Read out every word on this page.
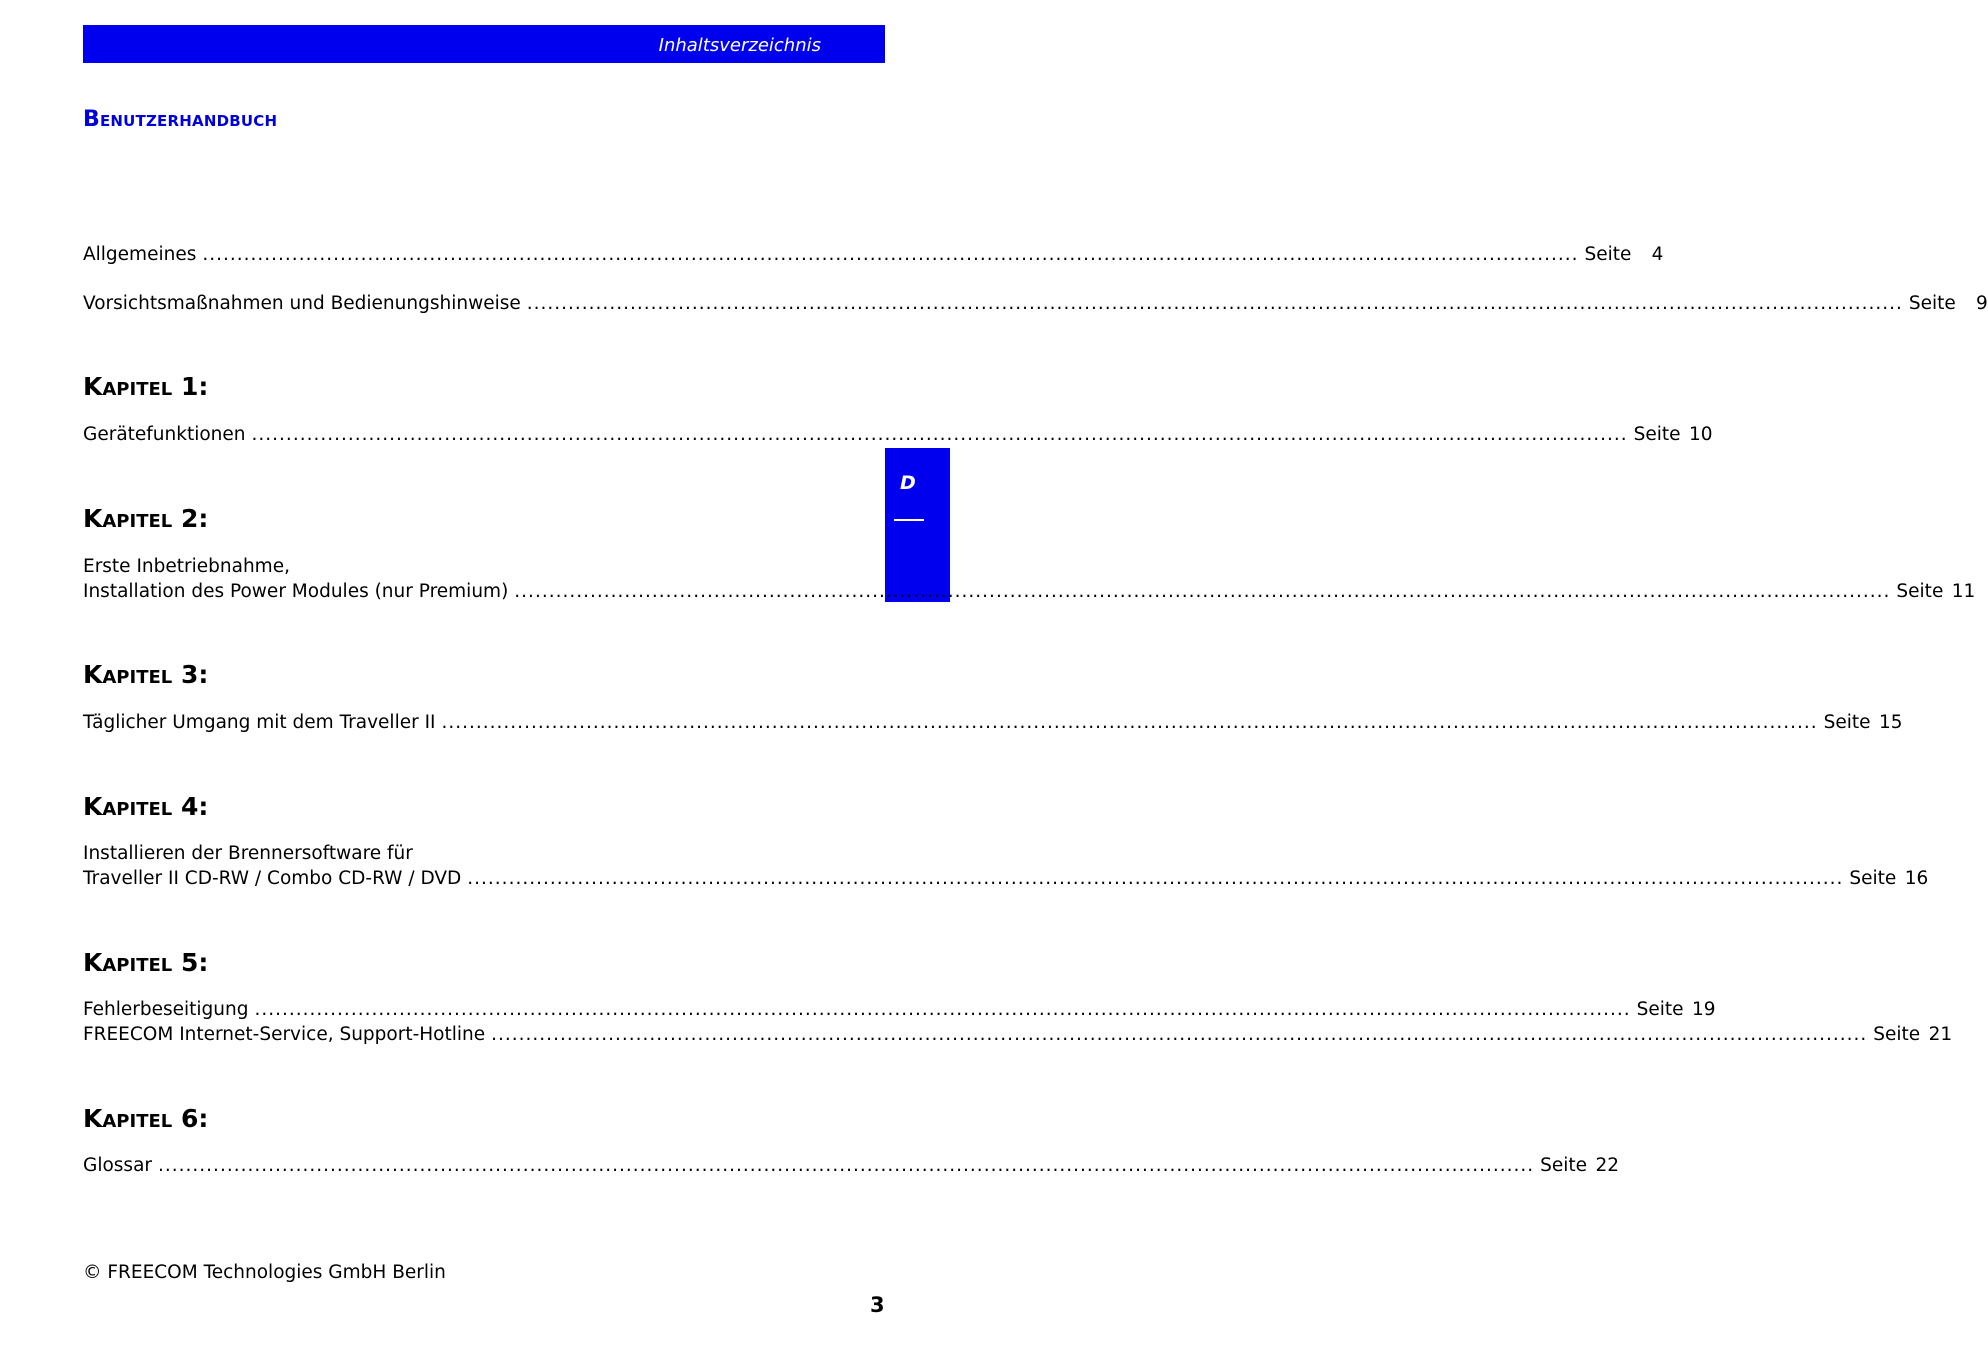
Inhaltsverzeichnis
Benutzerhandbuch
D
Allgemeines ........................................................................................................................................................................................................ Seite	4
Vorsichtsmaßnahmen und Bedienungshinweise ........................................................................................................................................................................................................ Seite	9
Kapitel 1:
Gerätefunktionen ........................................................................................................................................................................................................ Seite 10
Kapitel 2:
Erste Inbetriebnahme,
Installation des Power Modules (nur Premium) ........................................................................................................................................................................................................ Seite 11
Kapitel 3:
Täglicher Umgang mit dem Traveller II ........................................................................................................................................................................................................ Seite 15
Kapitel 4:
Installieren der Brennersoftware für
Traveller II CD-RW / Combo CD-RW / DVD ........................................................................................................................................................................................................ Seite 16
Kapitel 5:
Fehlerbeseitigung ........................................................................................................................................................................................................ Seite 19
FREECOM Internet-Service, Support-Hotline ........................................................................................................................................................................................................ Seite 21
Kapitel 6:
Glossar ........................................................................................................................................................................................................ Seite 22
© FREECOM Technologies GmbH Berlin
3
